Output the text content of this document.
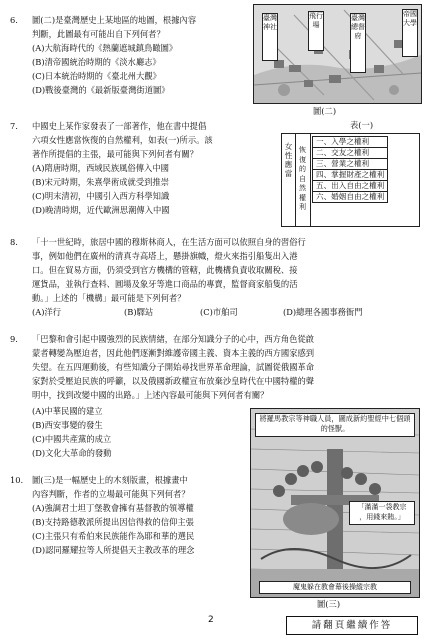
6.	圖(二)是臺灣歷史上某地區的地圖，根據內容
判斷，此圖最有可能出自下列何者？
(A)大航海時代的《熱蘭遮城鎮鳥瞰圖》
(B)清帝國統治時期的《淡水廳志》
(C)日本統治時期的《臺北州大觀》
(D)戰後臺灣的《最新版臺灣街道圖》
帝國大學
臺灣總督府
飛行場
臺灣神社
圖(二)
7.	中國史上某作家發表了一部著作，他在書中提倡
六項女性應當恢復的自然權利，如表(一)所示。該
著作所提倡的主張，最可能與下列何者有關？
(A)隋唐時期，西域民族風俗傳入中國
(B)宋元時期，朱熹學術成就受到推崇
(C)明末清初，中國引入西方科學知識
(D)晚清時期，近代歐洲思潮傳入中國
表(一)
女性應當
恢復的自然權利
一、入學之權利
二、交友之權利
三、營業之權利
四、掌握財產之權利
五、出入自由之權利
六、婚姻自由之權利
8.	「十一世紀時，旅居中國的穆斯林商人，在生活方面可以依照自身的習俗行
事，例如他們在廣州的清真寺高塔上，懸掛旗幟，燈火來指引船隻出入港
口。但在貿易方面，仍須受到官方機構的管轄，此機構負責收取關稅、接
運貨品，並執行查料、圓場及象牙等進口商品的專賣，監督商家船隻的活
動。」上述的「機構」最可能是下列何者？
(A)洋行	(B)驛站	(C)市舶司	(D)總理各國事務衙門
9.	「巴黎和會引起中國強烈的民族情緒，在部分知識分子的心中，西方角色從啟
蒙者轉變為壓迫者，因此他們逐漸對維護帝國主義、資本主義的西方國家感到
失望。在五四運動後，有些知識分子開始尋找世界革命理論，試圖從俄國革命
家對於受壓迫民族的呼籲，以及俄國新政權宣布放棄沙皇時代在中國特權的聲
明中，找到改變中國的出路。」上述內容最可能與下列何者有關？
(A)中華民國的建立
(B)西安事變的發生
(C)中國共產黨的成立
(D)文化大革命的發動
10.	圖(三)是一幅歷史上的木刻版畫，根據畫中
內容判斷，作者的立場最可能與下列何者？
(A)強調君士坦丁堡教會擁有基督教的領導權
(B)支持路德教派所提出因信得救的信仰主張
(C)主張只有希伯來民族能作為耶和華的選民
(D)認同羅耀拉等人所提倡天主教改革的理念
將羅馬教宗等神職人員，圖成新約聖經中七個頭的怪獸。
「滿滿一袋教宗
，用錢來賄。」
魔鬼躲在教會幕後操縱宗教
圖(三)
2	請翻頁繼續作答
